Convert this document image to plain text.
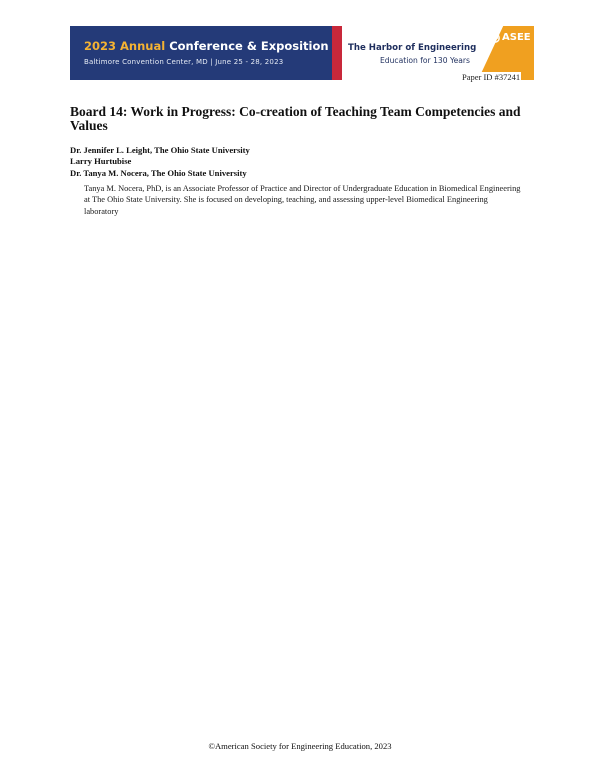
2023 Annual Conference & Exposition
Baltimore Convention Center, MD | June 25 - 28, 2023
The Harbor of Engineering
Education for 130 Years
ASEE
Paper ID #37241
Board 14: Work in Progress: Co-creation of Teaching Team Competencies and Values
Dr. Jennifer L. Leight, The Ohio State University
Larry Hurtubise
Dr. Tanya M. Nocera, The Ohio State University

Tanya M. Nocera, PhD, is an Associate Professor of Practice and Director of Undergraduate Education in Biomedical Engineering at The Ohio State University. She is focused on developing, teaching, and assessing upper-level Biomedical Engineering laboratory

©American Society for Engineering Education, 2023
